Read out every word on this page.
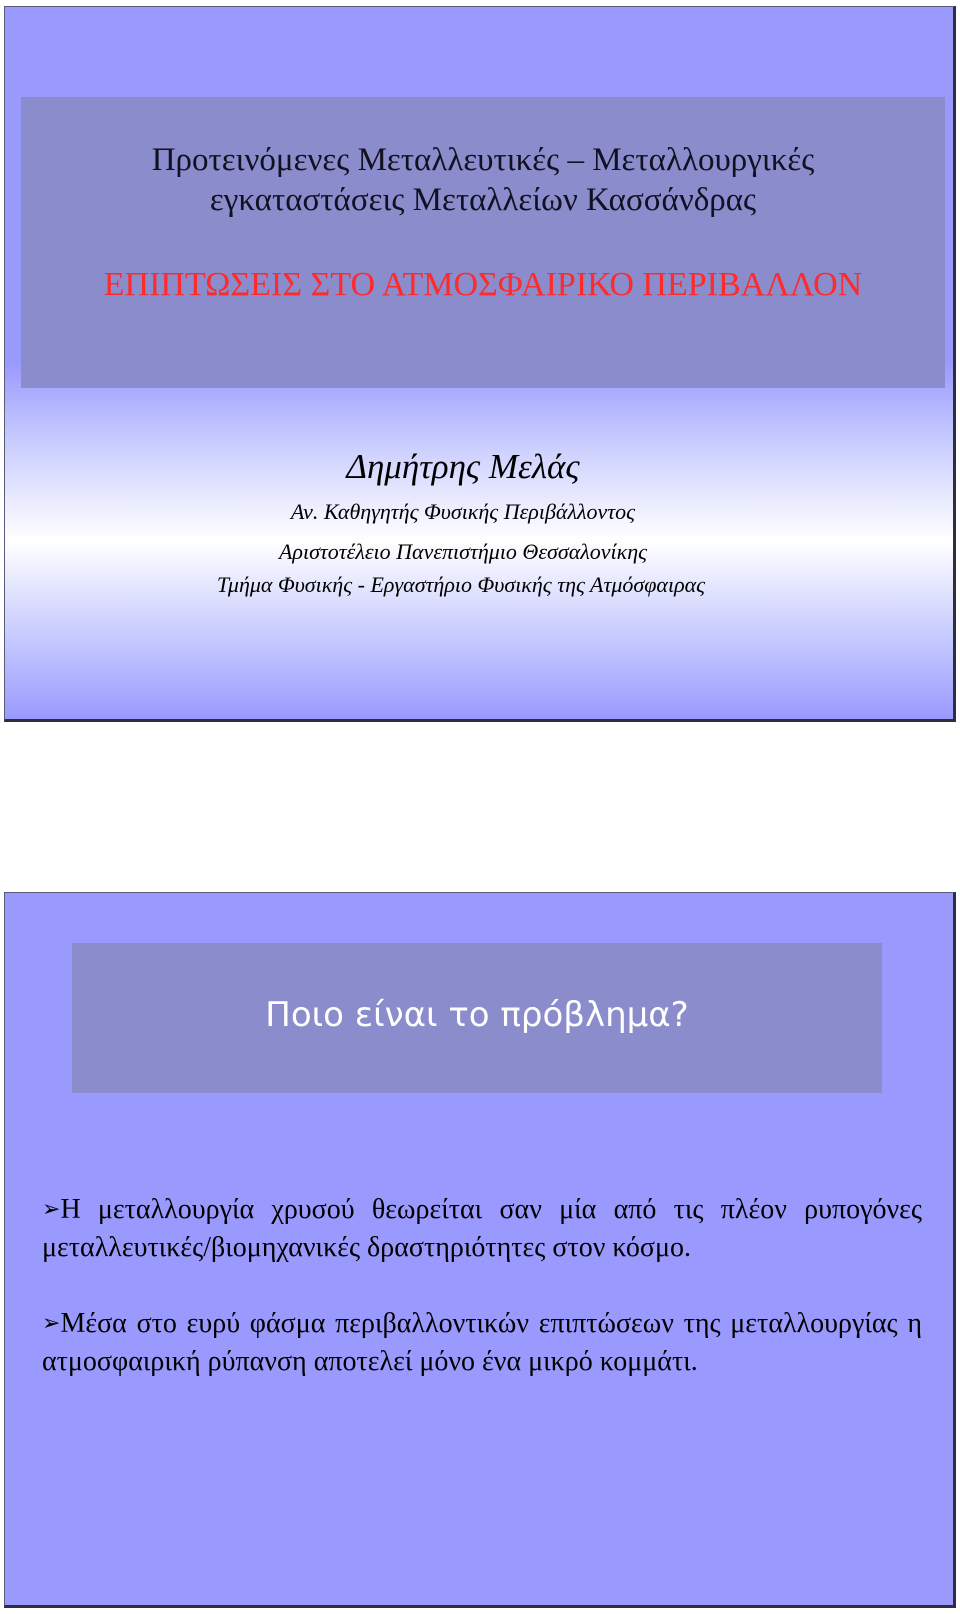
Προτεινόμενες Μεταλλευτικές – Μεταλλουργικές
εγκαταστάσεις Μεταλλείων Κασσάνδρας
ΕΠΙΠΤΩΣΕΙΣ ΣΤΟ ΑΤΜΟΣΦΑΙΡΙΚΟ ΠΕΡΙΒΑΛΛΟΝ
Δημήτρης Μελάς
Αν. Καθηγητής Φυσικής Περιβάλλοντος
Αριστοτέλειο Πανεπιστήμιο Θεσσαλονίκης
Τμήμα Φυσικής - Εργαστήριο Φυσικής της Ατμόσφαιρας
Ποιο είναι το πρόβλημα?
➢Η μεταλλουργία χρυσού θεωρείται σαν μία από τις πλέον ρυπογόνες μεταλλευτικές/βιομηχανικές δραστηριότητες στον κόσμο.
➢Μέσα στο ευρύ φάσμα περιβαλλοντικών επιπτώσεων της μεταλλουργίας η ατμοσφαιρική ρύπανση αποτελεί μόνο ένα μικρό κομμάτι.
